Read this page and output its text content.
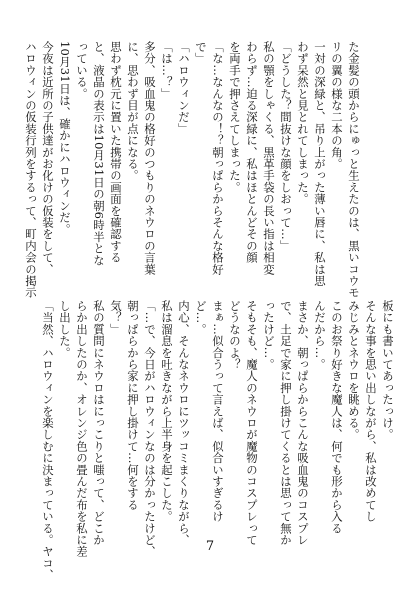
た金髪の頭からにゅっと生えたのは、黒いコウモ
リの翼の様な二本の角。
一対の深緑と、吊り上がった薄い唇に、私は思
わず呆然と見とれてしまった。
「どうした？間抜けな顔をしおって…」
私の顎をしゃくる、黒革手袋の長い指は相変
わらず…迫る深緑に、私はほとんどその顔
を両手で押さえてしまった。
「な…なんなの！？朝っぱらからそんな格好
で」
「ハロウィンだ」
「は…？」
多分、吸血鬼の格好のつもりのネウロの言葉
に、思わず目が点になる。
思わず枕元に置いた携帯の画面を確認する
と、液晶の表示は10月31日の朝6時半とな
っている。
10月31日は、確かにハロウィンだ。
今夜は近所の子供達がお化けの仮装をして、
ハロウィンの仮装行列をするって、町内会の掲示
板にも書いてあったっけ。
そんな事を思い出しながら、私は改めてし
みじみとネウロを眺める。
このお祭り好きな魔人は、何でも形から入る
んだから…。
まさか、朝っぱらからこんな吸血鬼のコスプレ
で、土足で家に押し掛けてくるとは思って無か
ったけど…。
そもそも、魔人のネウロが魔物のコスプレって
どうなのよ？
まぁ…似合うって言えば、似合いすぎるけ
ど…。
内心、そんなネウロにツッコミまくりながら、
私は溜息を吐きながら上半身を起こした。
「…で、今日がハロウィンなのは分かったけど、
朝っぱらから家に押し掛けて…何をする
気？」
私の質問にネウロはにっこりと嗤って、どこか
らか出したのか、オレンジ色の畳んだ布を私に差
し出した。
「当然、ハロウィンを楽しむに決まっている。ヤコ、	7
